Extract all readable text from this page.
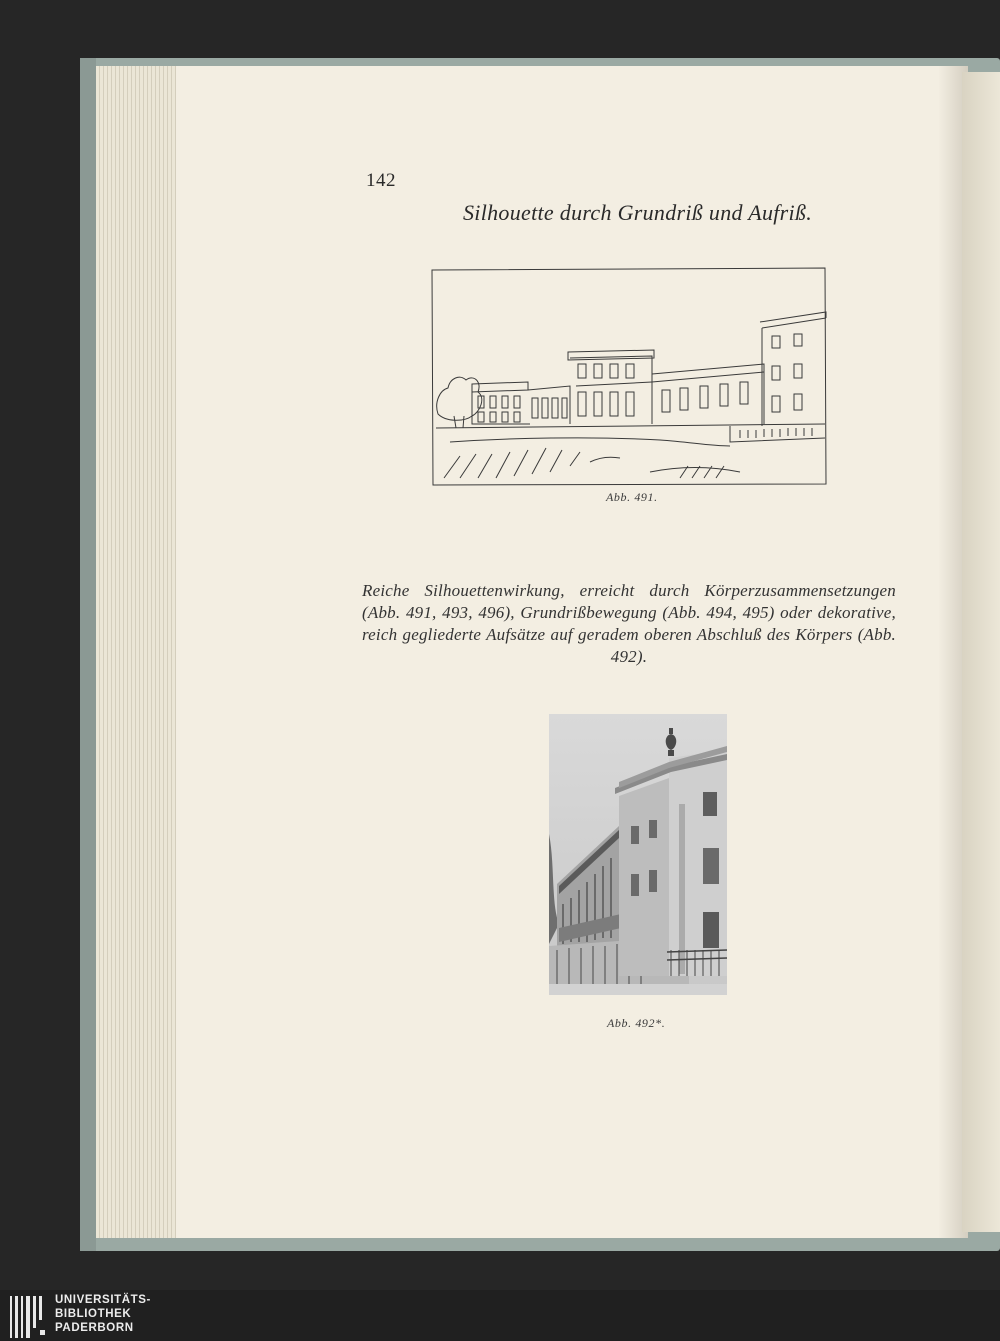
142
Silhouette durch Grundriß und Aufriß.
Abb. 491.
Reiche Silhouettenwirkung, erreicht durch Körperzusammensetzungen (Abb. 491, 493, 496), Grundrißbewegung (Abb. 494, 495) oder dekorative, reich gegliederte Aufsätze auf geradem oberen Abschluß des Körpers (Abb. 492).
Abb. 492*.
UNIVERSITÄTS-
BIBLIOTHEK
PADERBORN
